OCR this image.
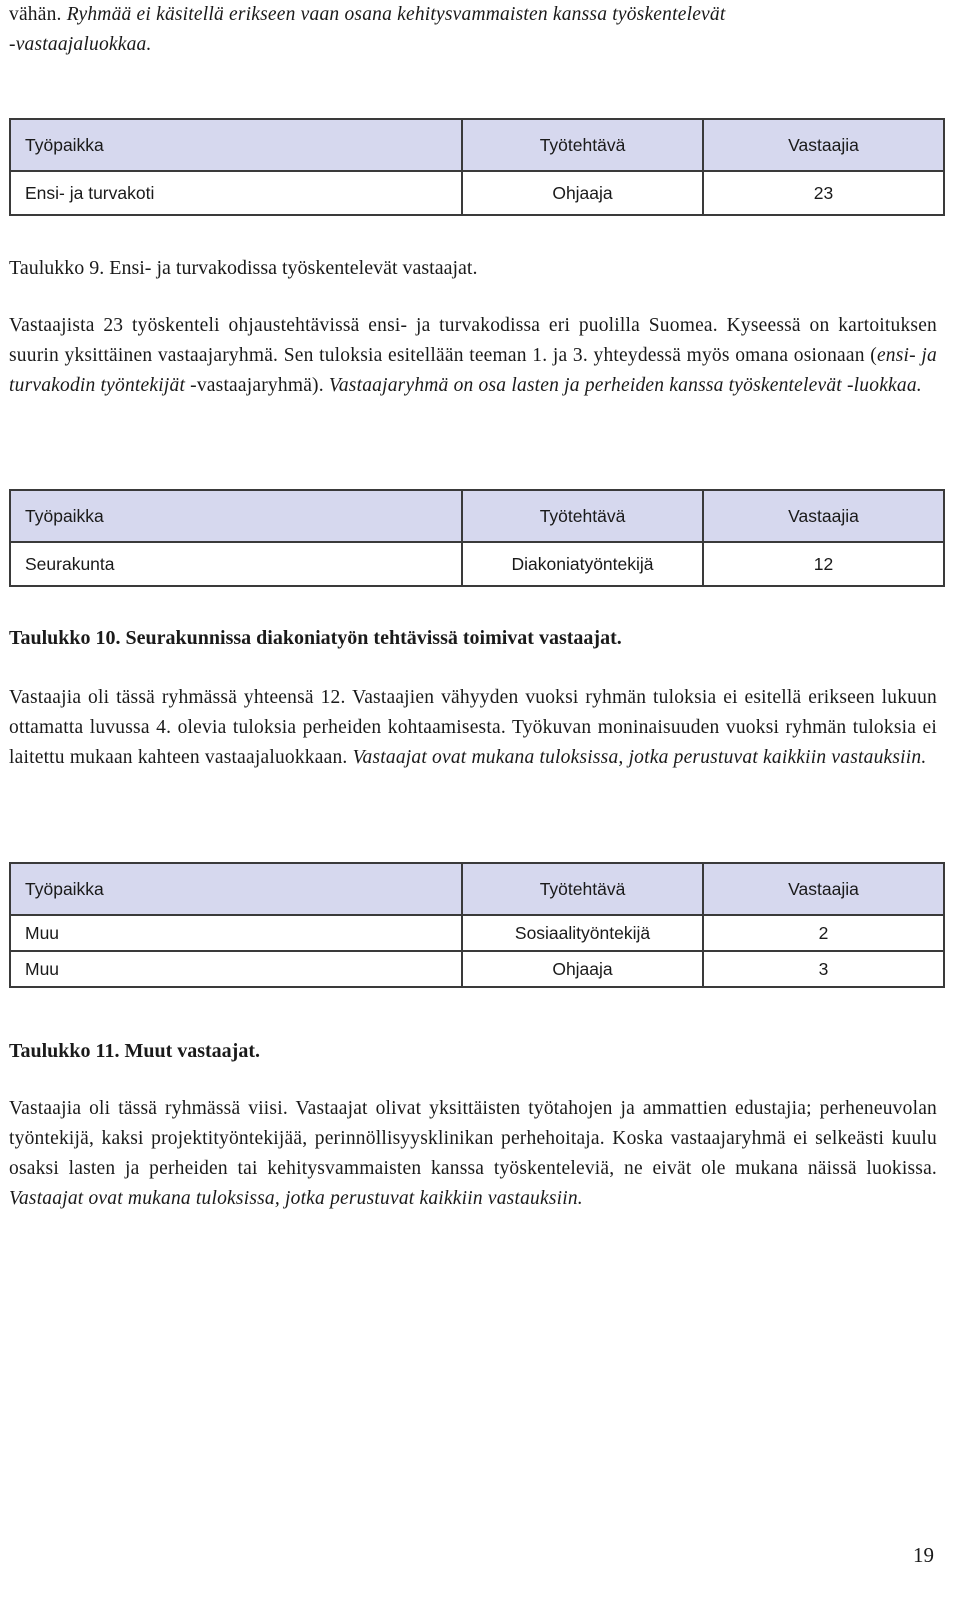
vähän. Ryhmää ei käsitellä erikseen vaan osana kehitysvammaisten kanssa työskentelevät
-vastaajaluokkaa.

Työpaikka	Työtehtävä	Vastaajia
Ensi- ja turvakoti	Ohjaaja	23

Taulukko 9. Ensi- ja turvakodissa työskentelevät vastaajat.

Vastaajista 23 työskenteli ohjaustehtävissä ensi- ja turvakodissa eri puolilla Suomea. Kyseessä on kartoituksen suurin yksittäinen vastaajaryhmä. Sen tuloksia esitellään teeman 1. ja 3. yhteydessä myös omana osionaan (ensi- ja turvakodin työntekijät -vastaajaryhmä). Vastaajaryhmä on osa lasten ja perheiden kanssa työskentelevät -luokkaa.

Työpaikka	Työtehtävä	Vastaajia
Seurakunta	Diakoniatyöntekijä	12

Taulukko 10. Seurakunnissa diakoniatyön tehtävissä toimivat vastaajat.

Vastaajia oli tässä ryhmässä yhteensä 12. Vastaajien vähyyden vuoksi ryhmän tuloksia ei esitellä erikseen lukuun ottamatta luvussa 4. olevia tuloksia perheiden kohtaamisesta. Työkuvan moninaisuuden vuoksi ryhmän tuloksia ei laitettu mukaan kahteen vastaajaluokkaan. Vastaajat ovat mukana tuloksissa, jotka perustuvat kaikkiin vastauksiin.

Työpaikka	Työtehtävä	Vastaajia
Muu	Sosiaalityöntekijä	2
Muu	Ohjaaja	3

Taulukko 11. Muut vastaajat.

Vastaajia oli tässä ryhmässä viisi. Vastaajat olivat yksittäisten työtahojen ja ammattien edustajia; perheneuvolan työntekijä, kaksi projektityöntekijää, perinnöllisyysklinikan perhehoitaja. Koska vastaajaryhmä ei selkeästi kuulu osaksi lasten ja perheiden tai kehitysvammaisten kanssa työskenteleviä, ne eivät ole mukana näissä luokissa. Vastaajat ovat mukana tuloksissa, jotka perustuvat kaikkiin vastauksiin.

19
